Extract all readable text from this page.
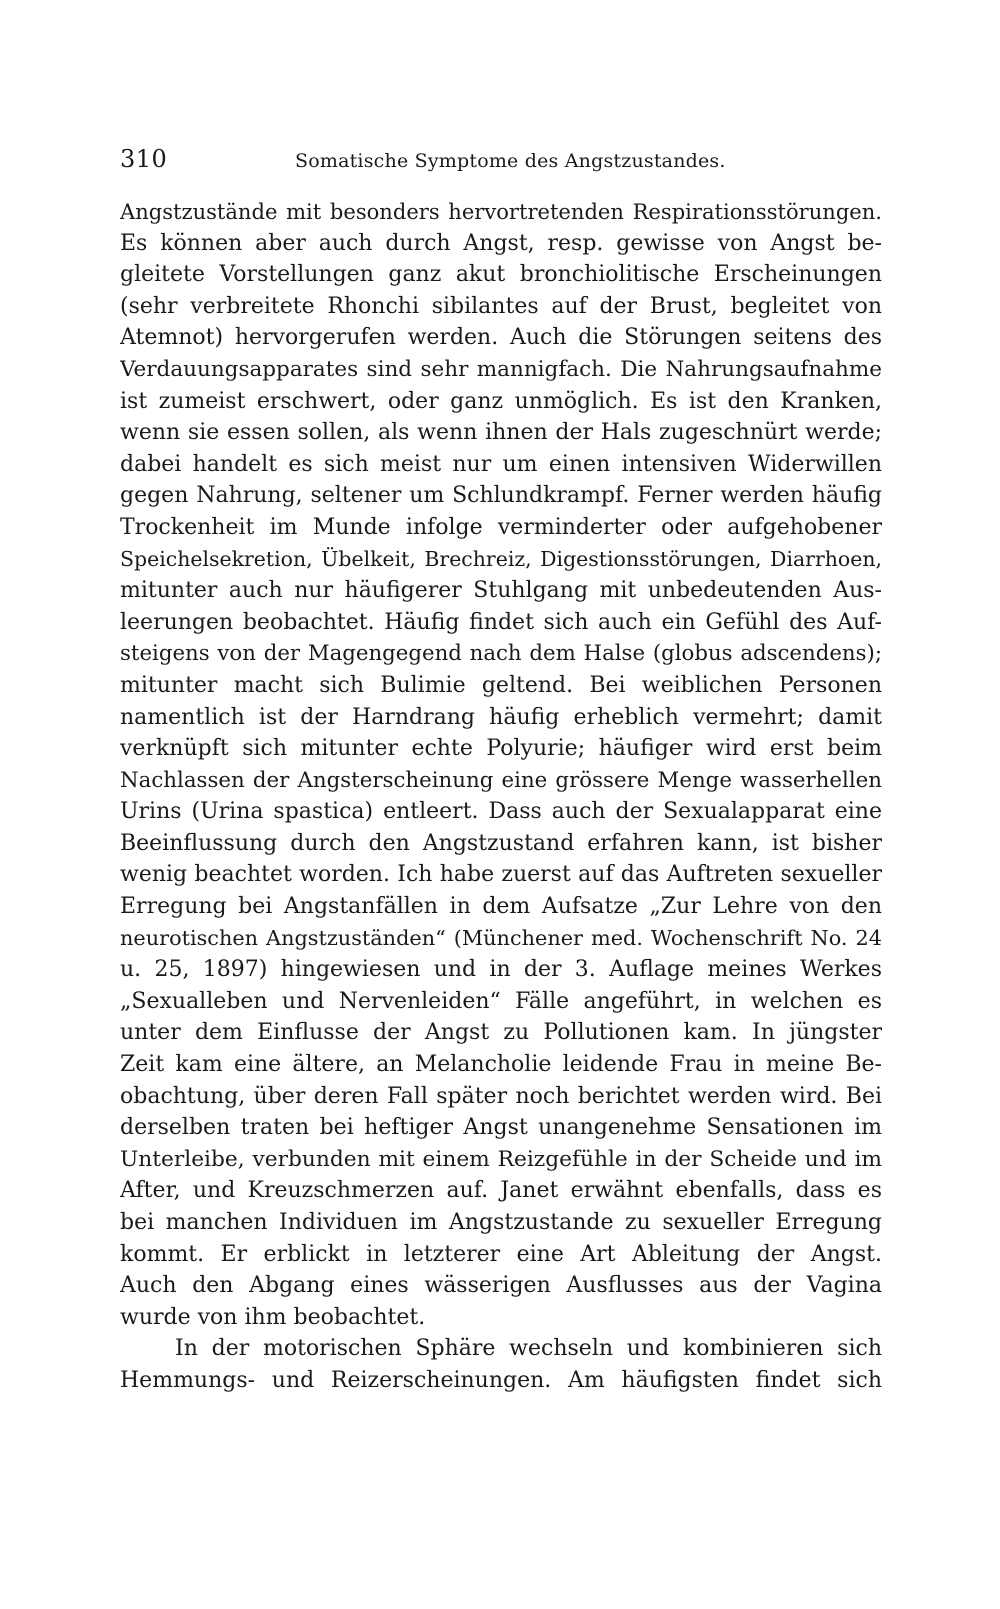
310	Somatische Symptome des Angstzustandes.
Angstzustände mit besonders hervortretenden Respirationsstörungen.
Es können aber auch durch Angst, resp. gewisse von Angst be-
gleitete Vorstellungen ganz akut bronchiolitische Erscheinungen
(sehr verbreitete Rhonchi sibilantes auf der Brust, begleitet von
Atemnot) hervorgerufen werden. Auch die Störungen seitens des
Verdauungsapparates sind sehr mannigfach. Die Nahrungsaufnahme
ist zumeist erschwert, oder ganz unmöglich. Es ist den Kranken,
wenn sie essen sollen, als wenn ihnen der Hals zugeschnürt werde;
dabei handelt es sich meist nur um einen intensiven Widerwillen
gegen Nahrung, seltener um Schlundkrampf. Ferner werden häufig
Trockenheit im Munde infolge verminderter oder aufgehobener
Speichelsekretion, Übelkeit, Brechreiz, Digestionsstörungen, Diarrhoen,
mitunter auch nur häufigerer Stuhlgang mit unbedeutenden Aus-
leerungen beobachtet. Häufig findet sich auch ein Gefühl des Auf-
steigens von der Magengegend nach dem Halse (globus adscendens);
mitunter macht sich Bulimie geltend. Bei weiblichen Personen
namentlich ist der Harndrang häufig erheblich vermehrt; damit
verknüpft sich mitunter echte Polyurie; häufiger wird erst beim
Nachlassen der Angsterscheinung eine grössere Menge wasserhellen
Urins (Urina spastica) entleert. Dass auch der Sexualapparat eine
Beeinflussung durch den Angstzustand erfahren kann, ist bisher
wenig beachtet worden. Ich habe zuerst auf das Auftreten sexueller
Erregung bei Angstanfällen in dem Aufsatze „Zur Lehre von den
neurotischen Angstzuständen“ (Münchener med. Wochenschrift No. 24
u. 25, 1897) hingewiesen und in der 3. Auflage meines Werkes
„Sexualleben und Nervenleiden“ Fälle angeführt, in welchen es
unter dem Einflusse der Angst zu Pollutionen kam. In jüngster
Zeit kam eine ältere, an Melancholie leidende Frau in meine Be-
obachtung, über deren Fall später noch berichtet werden wird. Bei
derselben traten bei heftiger Angst unangenehme Sensationen im
Unterleibe, verbunden mit einem Reizgefühle in der Scheide und im
After, und Kreuzschmerzen auf. Janet erwähnt ebenfalls, dass es
bei manchen Individuen im Angstzustande zu sexueller Erregung
kommt. Er erblickt in letzterer eine Art Ableitung der Angst.
Auch den Abgang eines wässerigen Ausflusses aus der Vagina
wurde von ihm beobachtet.
In der motorischen Sphäre wechseln und kombinieren sich
Hemmungs- und Reizerscheinungen. Am häufigsten findet sich
